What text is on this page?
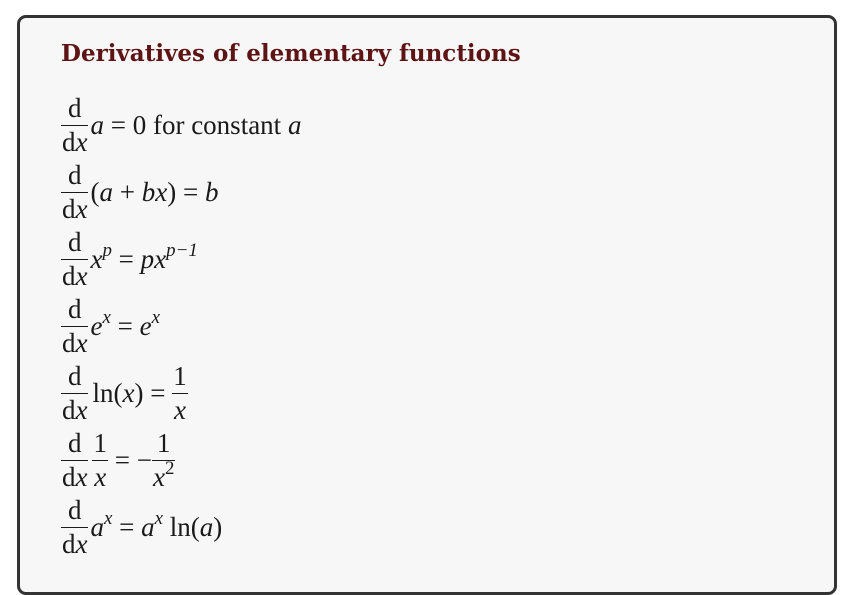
Derivatives of elementary functions
$\frac{d}{dx}$ a = 0 for constant a
$\frac{d}{dx} (a + bx) = b$
$\frac{d}{dx} x^p = px^{p-1}$
$\frac{d}{dx} e^x = e^x$
$\frac{d}{dx} \ln(x) = \frac{1}{x}$
$\frac{d}{dx} \frac{1}{x}$ = − $\frac{1}{x^2}$
$\frac{d}{dx} a^x = a^x$ ln(a)
